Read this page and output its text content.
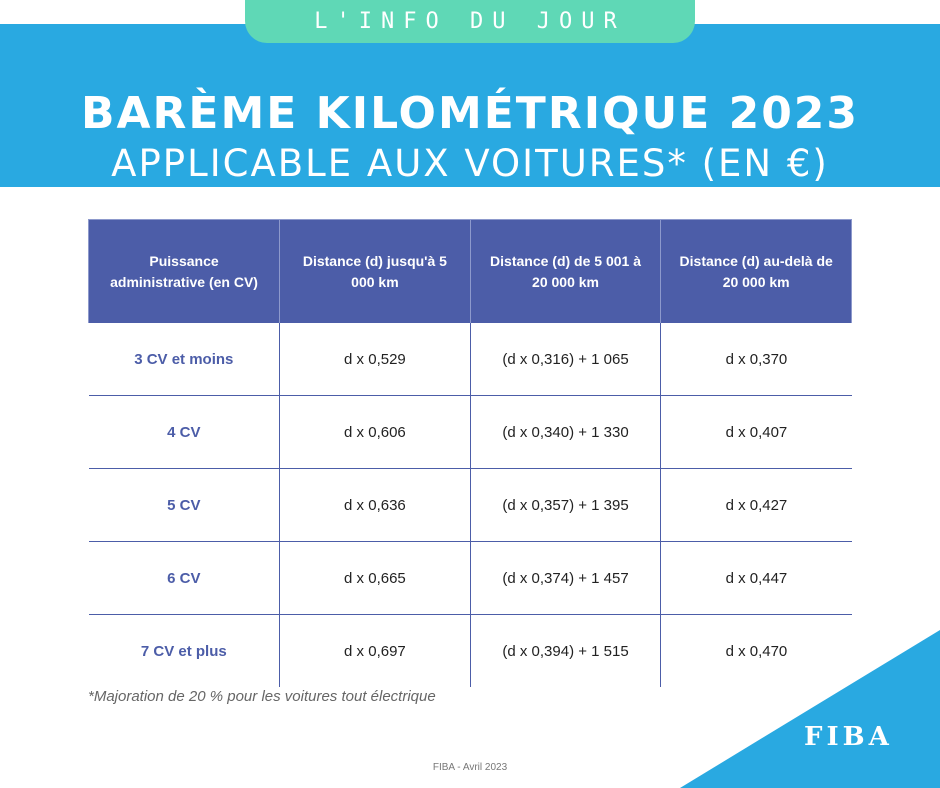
BARÈME KILOMÉTRIQUE 2023
APPLICABLE AUX VOITURES* (EN €)
L'INFO DU JOUR
Puissance administrative (en CV)	Distance (d) jusqu'à 5 000 km	Distance (d) de 5 001 à 20 000 km	Distance (d) au-delà de 20 000 km
3 CV et moins	d x 0,529	(d x 0,316) + 1 065	d x 0,370
4 CV	d x 0,606	(d x 0,340) + 1 330	d x 0,407
5 CV	d x 0,636	(d x 0,357) + 1 395	d x 0,427
6 CV	d x 0,665	(d x 0,374) + 1 457	d x 0,447
7 CV et plus	d x 0,697	(d x 0,394) + 1 515	d x 0,470
*Majoration de 20 % pour les voitures tout électrique
FIBA
FIBA - Avril 2023
